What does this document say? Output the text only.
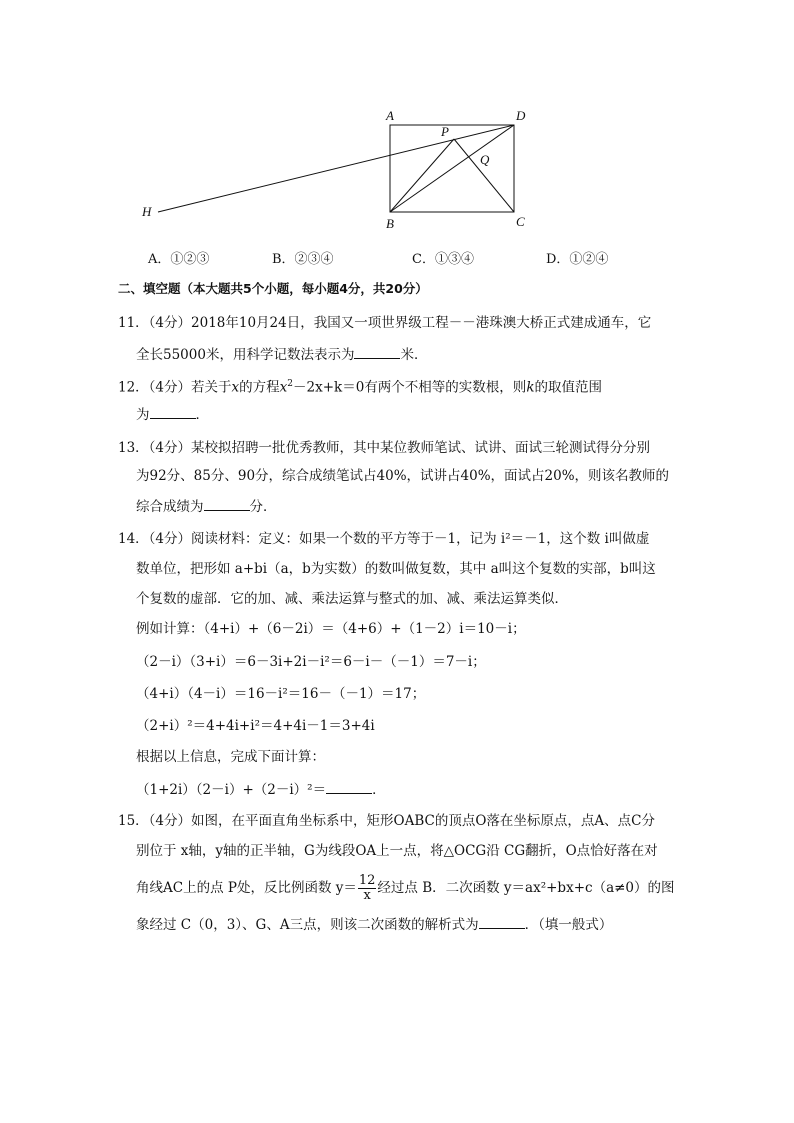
A
P
D
Q
H
B	C
A．①②③	B．②③④	C．①③④	D．①②④
二、填空题（本大题共5个小题，每小题4分，共20分）
11．（4分）2018年10月24日，我国又一项世界级工程－－港珠澳大桥正式建成通车，它
全长55000米，用科学记数法表示为	米．
12．（4分）若关于x的方程$x^2-2x+k=0$有两个不相等的实数根，则k的取值范围
为	．
13．（4分）某校拟招聘一批优秀教师，其中某位教师笔试、试讲、面试三轮测试得分分别
为92分、85分、90分，综合成绩笔试占40%，试讲占40%，面试占20%，则该名教师的
综合成绩为	分．
14．（4分）阅读材料：定义：如果一个数的平方等于－1，记为 i²＝－1，这个数 i叫做虚
数单位，把形如 a+bi（a，b为实数）的数叫做复数，其中 a叫这个复数的实部，b叫这
个复数的虚部．它的加、减、乘法运算与整式的加、减、乘法运算类似．
例如计算：（4+i）+（6－2i）＝（4+6）+（1－2）i＝10－i；
（2－i）（3+i）＝6－3i+2i－i²＝6－i－（－1）＝7－i；
（4+i）（4－i）＝16－i²＝16－（－1）＝17；
（2+i）²＝4+4i+i²＝4+4i－1＝3+4i
根据以上信息，完成下面计算：
（1+2i）（2－i）+（2－i）²＝	．
15．（4分）如图，在平面直角坐标系中，矩形OABC的顶点O落在坐标原点，点A、点C分
别位于 x轴，y轴的正半轴，G为线段OA上一点，将△OCG沿 CG翻折，O点恰好落在对
角线AC上的点 P处，反比例函数 $y= \frac{12}{x}$ 经过点 B．二次函数 y＝ax²+bx+c（a≠0）的图
象经过 C（0，3）、G、A三点，则该二次函数的解析式为	．（填一般式）
